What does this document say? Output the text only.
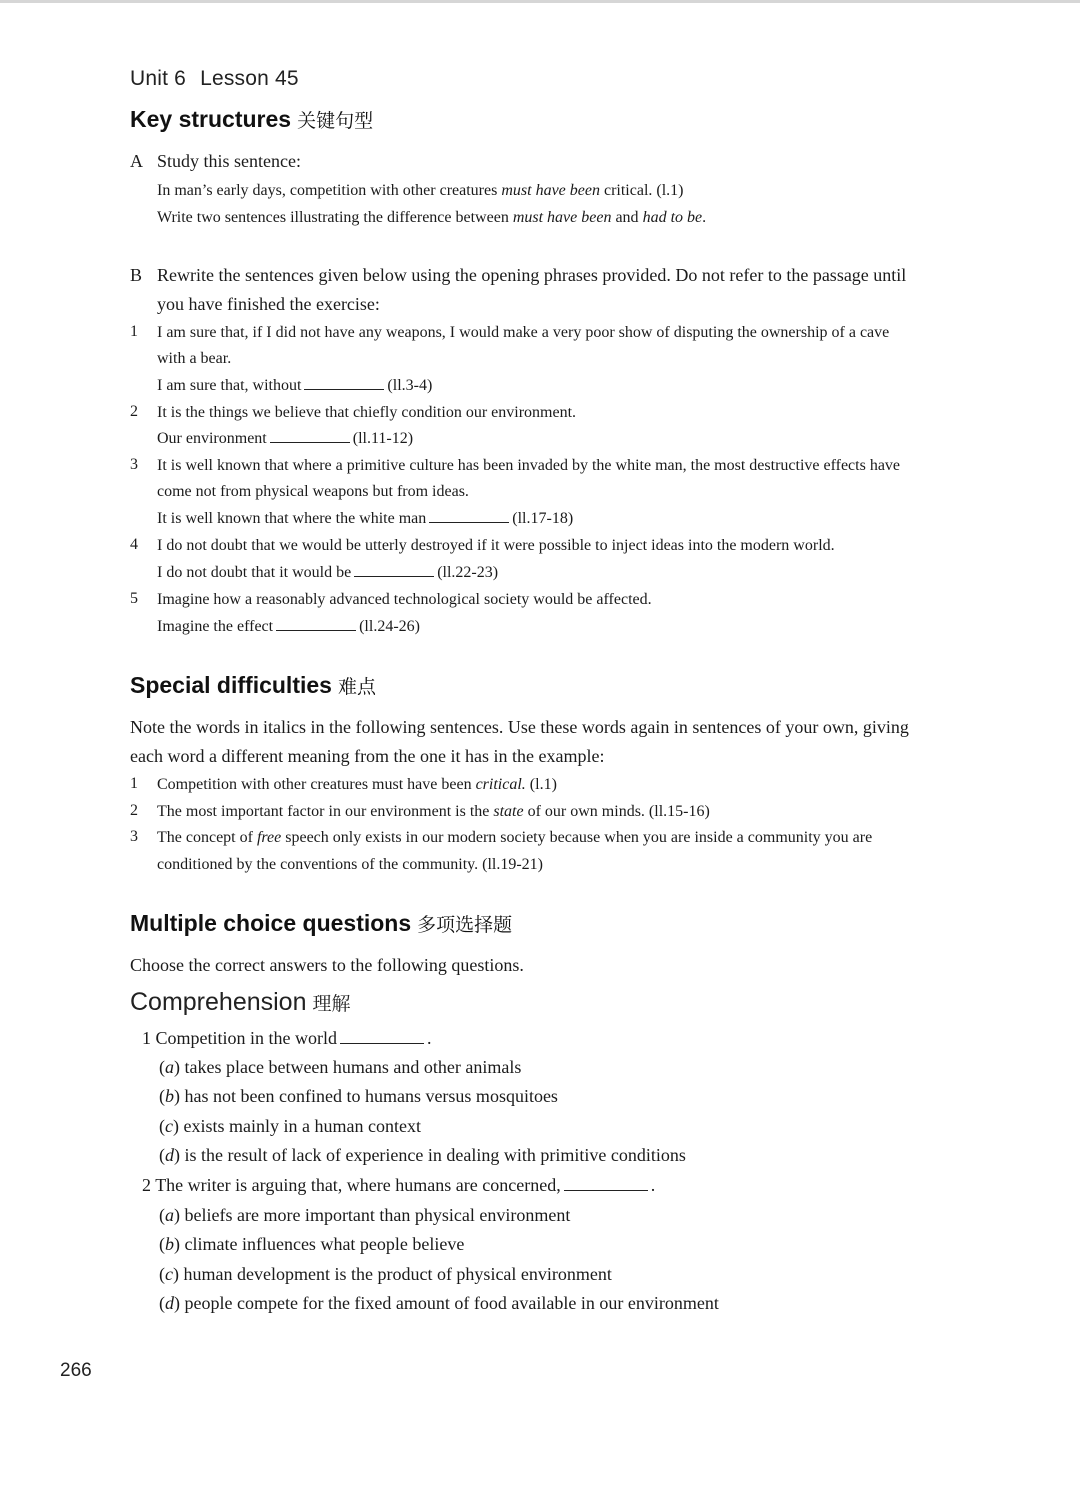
Unit 6 Lesson 45
Key structures 关键句型
A Study this sentence:
In man’s early days, competition with other creatures must have been critical. (l.1)
Write two sentences illustrating the difference between must have been and had to be.
B Rewrite the sentences given below using the opening phrases provided. Do not refer to the passage until
you have finished the exercise:
1 I am sure that, if I did not have any weapons, I would make a very poor show of disputing the ownership of a cave
with a bear.
I am sure that, without	(ll.3-4)
2 It is the things we believe that chiefly condition our environment.
Our environment	(ll.11-12)
3 It is well known that where a primitive culture has been invaded by the white man, the most destructive effects have
come not from physical weapons but from ideas.
It is well known that where the white man	(ll.17-18)
4 I do not doubt that we would be utterly destroyed if it were possible to inject ideas into the modern world.
I do not doubt that it would be	(ll.22-23)
5 Imagine how a reasonably advanced technological society would be affected.
Imagine the effect	(ll.24-26)
Special difficulties 难点
Note the words in italics in the following sentences. Use these words again in sentences of your own, giving
each word a different meaning from the one it has in the example:
1 Competition with other creatures must have been critical. (l.1)
2 The most important factor in our environment is the state of our own minds. (ll.15-16)
3 The concept of free speech only exists in our modern society because when you are inside a community you are
conditioned by the conventions of the community. (ll.19-21)
Multiple choice questions 多项选择题
Choose the correct answers to the following questions.
Comprehension 理解
1 Competition in the world	.
(a) takes place between humans and other animals
(b) has not been confined to humans versus mosquitoes
(c) exists mainly in a human context
(d) is the result of lack of experience in dealing with primitive conditions
2 The writer is arguing that, where humans are concerned,	.
(a) beliefs are more important than physical environment
(b) climate influences what people believe
(c) human development is the product of physical environment
(d) people compete for the fixed amount of food available in our environment
266
